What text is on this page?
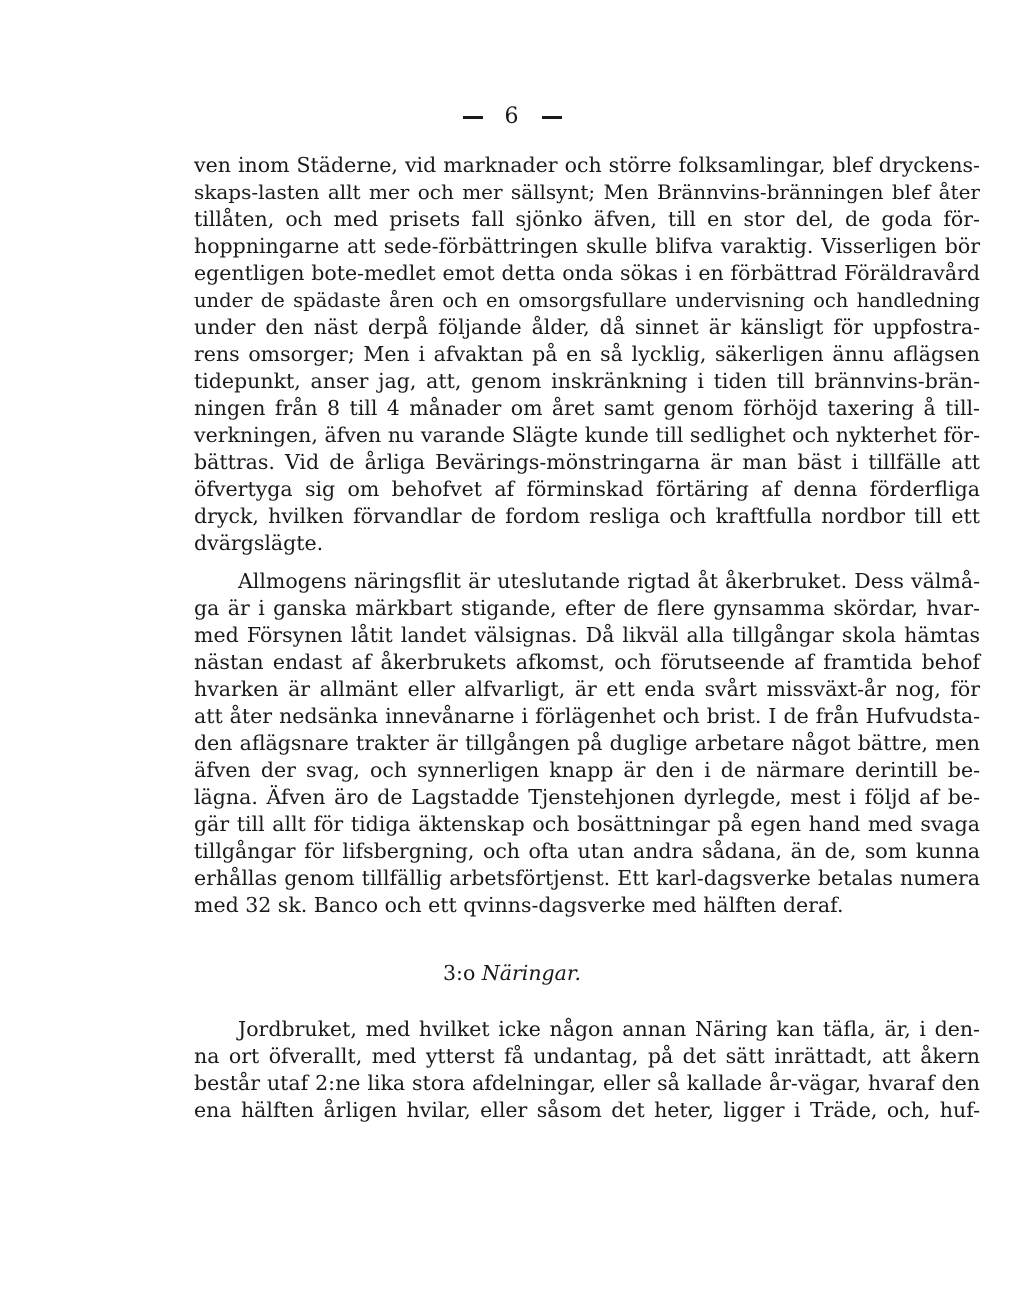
6
ven inom Städerne, vid marknader och större folksamlingar, blef dryckens-
skaps-lasten allt mer och mer sällsynt; Men Brännvins-bränningen blef åter
tillåten, och med prisets fall sjönko äfven, till en stor del, de goda för-
hoppningarne att sede-förbättringen skulle blifva varaktig. Visserligen bör
egentligen bote-medlet emot detta onda sökas i en förbättrad Föräldravård
under de spädaste åren och en omsorgsfullare undervisning och handledning
under den näst derpå följande ålder, då sinnet är känsligt för uppfostra-
rens omsorger; Men i afvaktan på en så lycklig, säkerligen ännu aflägsen
tidepunkt, anser jag, att, genom inskränkning i tiden till brännvins-brän-
ningen från 8 till 4 månader om året samt genom förhöjd taxering å till-
verkningen, äfven nu varande Slägte kunde till sedlighet och nykterhet för-
bättras. Vid de årliga Bevärings-mönstringarna är man bäst i tillfälle att
öfvertyga sig om behofvet af förminskad förtäring af denna förderfliga
dryck, hvilken förvandlar de fordom resliga och kraftfulla nordbor till ett
dvärgslägte.
Allmogens näringsflit är uteslutande rigtad åt åkerbruket. Dess välmå-
ga är i ganska märkbart stigande, efter de flere gynsamma skördar, hvar-
med Försynen låtit landet välsignas. Då likväl alla tillgångar skola hämtas
nästan endast af åkerbrukets afkomst, och förutseende af framtida behof
hvarken är allmänt eller alfvarligt, är ett enda svårt missväxt-år nog, för
att åter nedsänka innevånarne i förlägenhet och brist. I de från Hufvudsta-
den aflägsnare trakter är tillgången på duglige arbetare något bättre, men
äfven der svag, och synnerligen knapp är den i de närmare derintill be-
lägna. Äfven äro de Lagstadde Tjenstehjonen dyrlegde, mest i följd af be-
gär till allt för tidiga äktenskap och bosättningar på egen hand med svaga
tillgångar för lifsbergning, och ofta utan andra sådana, än de, som kunna
erhållas genom tillfällig arbetsförtjenst. Ett karl-dagsverke betalas numera
med 32 sk. Banco och ett qvinns-dagsverke med hälften deraf.
3:o Näringar.
Jordbruket, med hvilket icke någon annan Näring kan täfla, är, i den-
na ort öfverallt, med ytterst få undantag, på det sätt inrättadt, att åkern
består utaf 2:ne lika stora afdelningar, eller så kallade år-vägar, hvaraf den
ena hälften årligen hvilar, eller såsom det heter, ligger i Träde, och, huf-
